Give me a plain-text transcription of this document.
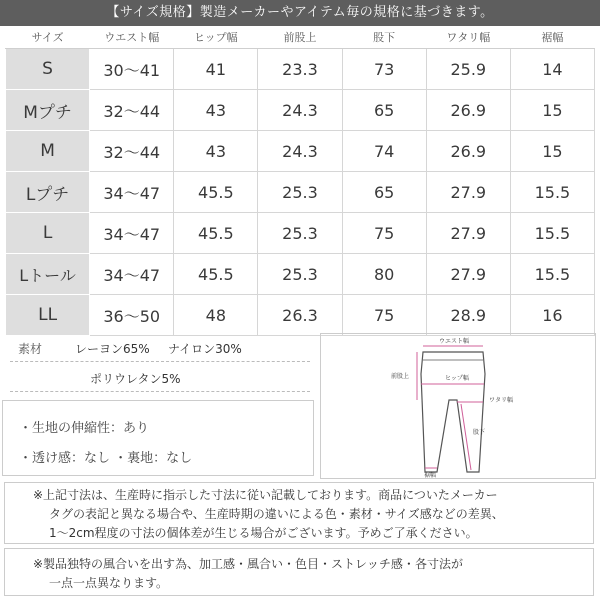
【サイズ規格】製造メーカーやアイテム毎の規格に基づきます。
サイズ	ウエスト幅	ヒップ幅	前股上	股下	ワタリ幅	裾幅
S	30〜41	41	23.3	73	25.9	14
Mプチ	32〜44	43	24.3	65	26.9	15
M	32〜44	43	24.3	74	26.9	15
Lプチ	34〜47	45.5	25.3	65	27.9	15.5
L	34〜47	45.5	25.3	75	27.9	15.5
Lトール	34〜47	45.5	25.3	80	27.9	15.5
LL	36〜50	48	26.3	75	28.9	16
素材	レーヨン65% ナイロン30%
ポリウレタン5%
・生地の伸縮性：あり
・透け感：なし ・裏地：なし
ウエスト幅
前股上	ヒップ幅
ワタリ幅
股下
裾幅
※上記寸法は、生産時に指示した寸法に従い記載しております。商品についたメーカー
タグの表記と異なる場合や、生産時期の違いによる色・素材・サイズ感などの差異、
1〜2cm程度の寸法の個体差が生じる場合がございます。予めご了承ください。
※製品独特の風合いを出す為、加工感・風合い・色目・ストレッチ感・各寸法が
一点一点異なります。
